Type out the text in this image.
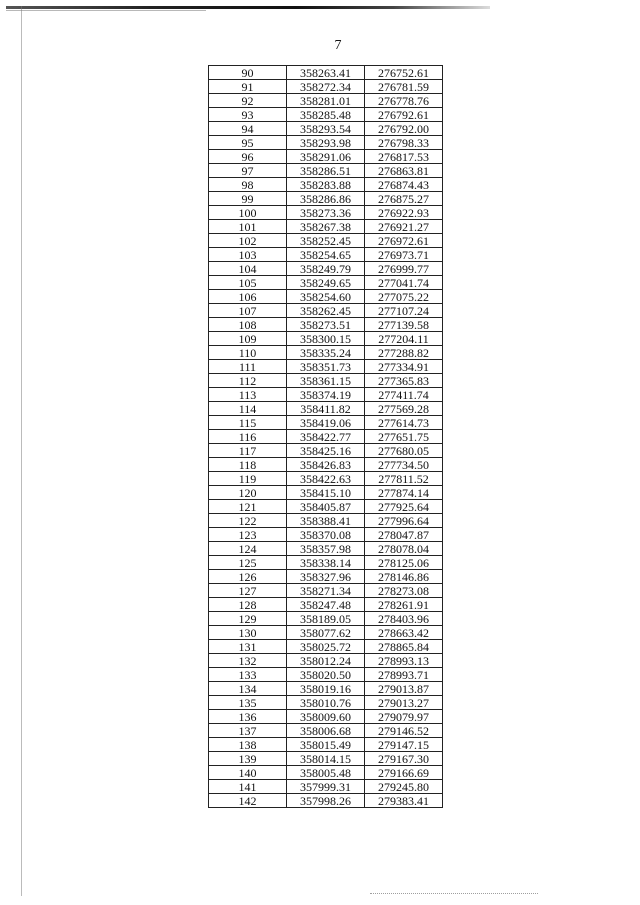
7
90	358263.41	276752.61
91	358272.34	276781.59
92	358281.01	276778.76
93	358285.48	276792.61
94	358293.54	276792.00
95	358293.98	276798.33
96	358291.06	276817.53
97	358286.51	276863.81
98	358283.88	276874.43
99	358286.86	276875.27
100	358273.36	276922.93
101	358267.38	276921.27
102	358252.45	276972.61
103	358254.65	276973.71
104	358249.79	276999.77
105	358249.65	277041.74
106	358254.60	277075.22
107	358262.45	277107.24
108	358273.51	277139.58
109	358300.15	277204.11
110	358335.24	277288.82
111	358351.73	277334.91
112	358361.15	277365.83
113	358374.19	277411.74
114	358411.82	277569.28
115	358419.06	277614.73
116	358422.77	277651.75
117	358425.16	277680.05
118	358426.83	277734.50
119	358422.63	277811.52
120	358415.10	277874.14
121	358405.87	277925.64
122	358388.41	277996.64
123	358370.08	278047.87
124	358357.98	278078.04
125	358338.14	278125.06
126	358327.96	278146.86
127	358271.34	278273.08
128	358247.48	278261.91
129	358189.05	278403.96
130	358077.62	278663.42
131	358025.72	278865.84
132	358012.24	278993.13
133	358020.50	278993.71
134	358019.16	279013.87
135	358010.76	279013.27
136	358009.60	279079.97
137	358006.68	279146.52
138	358015.49	279147.15
139	358014.15	279167.30
140	358005.48	279166.69
141	357999.31	279245.80
142	357998.26	279383.41
